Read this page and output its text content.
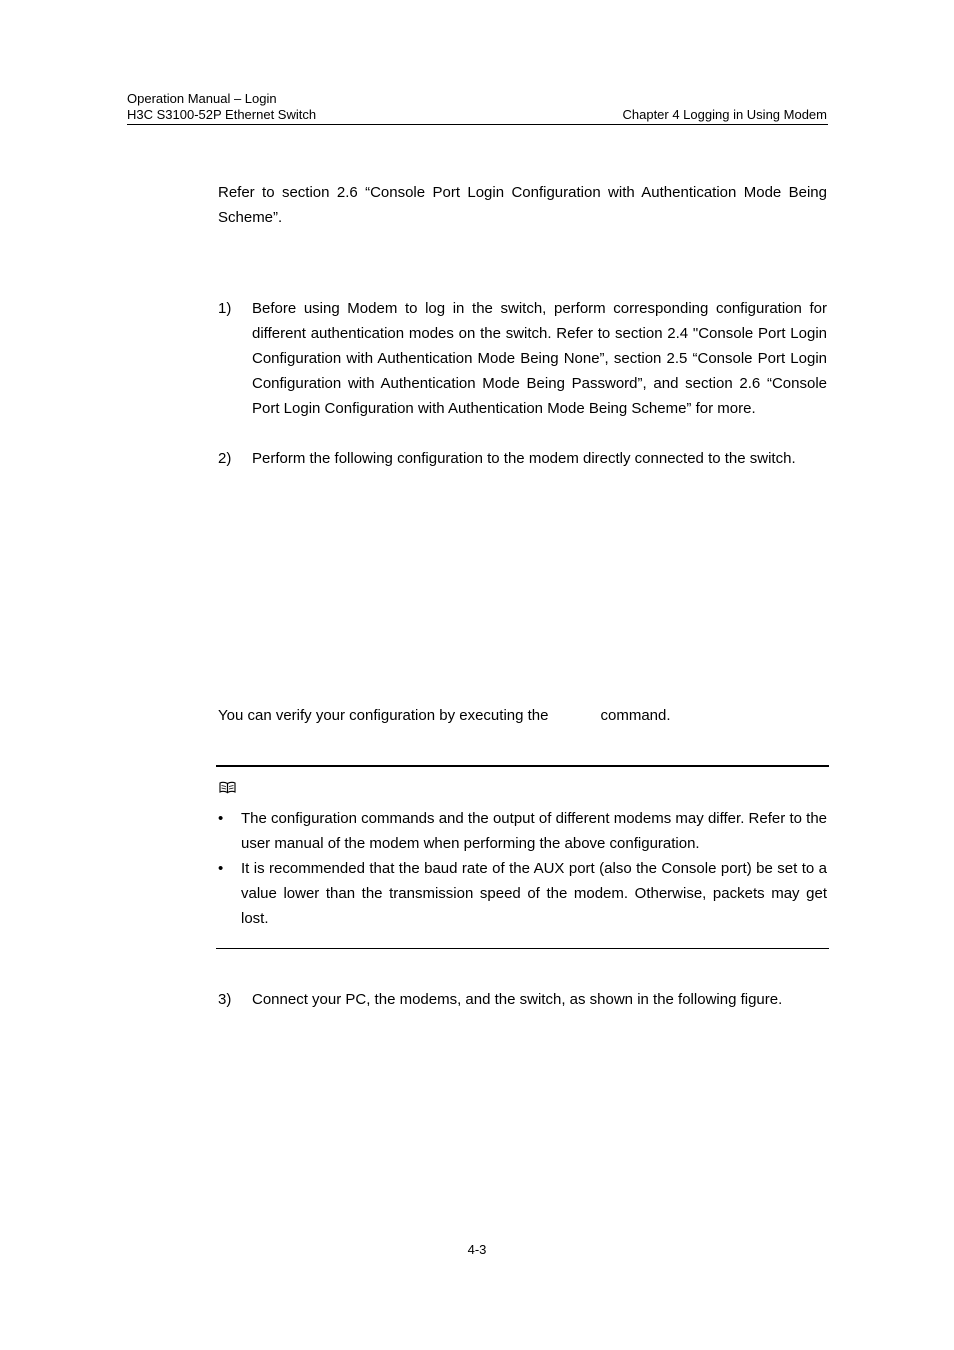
Operation Manual – Login
H3C S3100-52P Ethernet Switch	Chapter 4 Logging in Using Modem
Refer to section 2.6 “Console Port Login Configuration with Authentication Mode Being Scheme”.
1) Before using Modem to log in the switch, perform corresponding configuration for different authentication modes on the switch. Refer to section 2.4 "Console Port Login Configuration with Authentication Mode Being None”, section 2.5 “Console Port Login Configuration with Authentication Mode Being Password”, and section 2.6 “Console Port Login Configuration with Authentication Mode Being Scheme” for more.
2) Perform the following configuration to the modem directly connected to the switch.
You can verify your configuration by executing the	command.
• The configuration commands and the output of different modems may differ. Refer to the user manual of the modem when performing the above configuration.
• It is recommended that the baud rate of the AUX port (also the Console port) be set to a value lower than the transmission speed of the modem. Otherwise, packets may get lost.
3) Connect your PC, the modems, and the switch, as shown in the following figure.
4-3
